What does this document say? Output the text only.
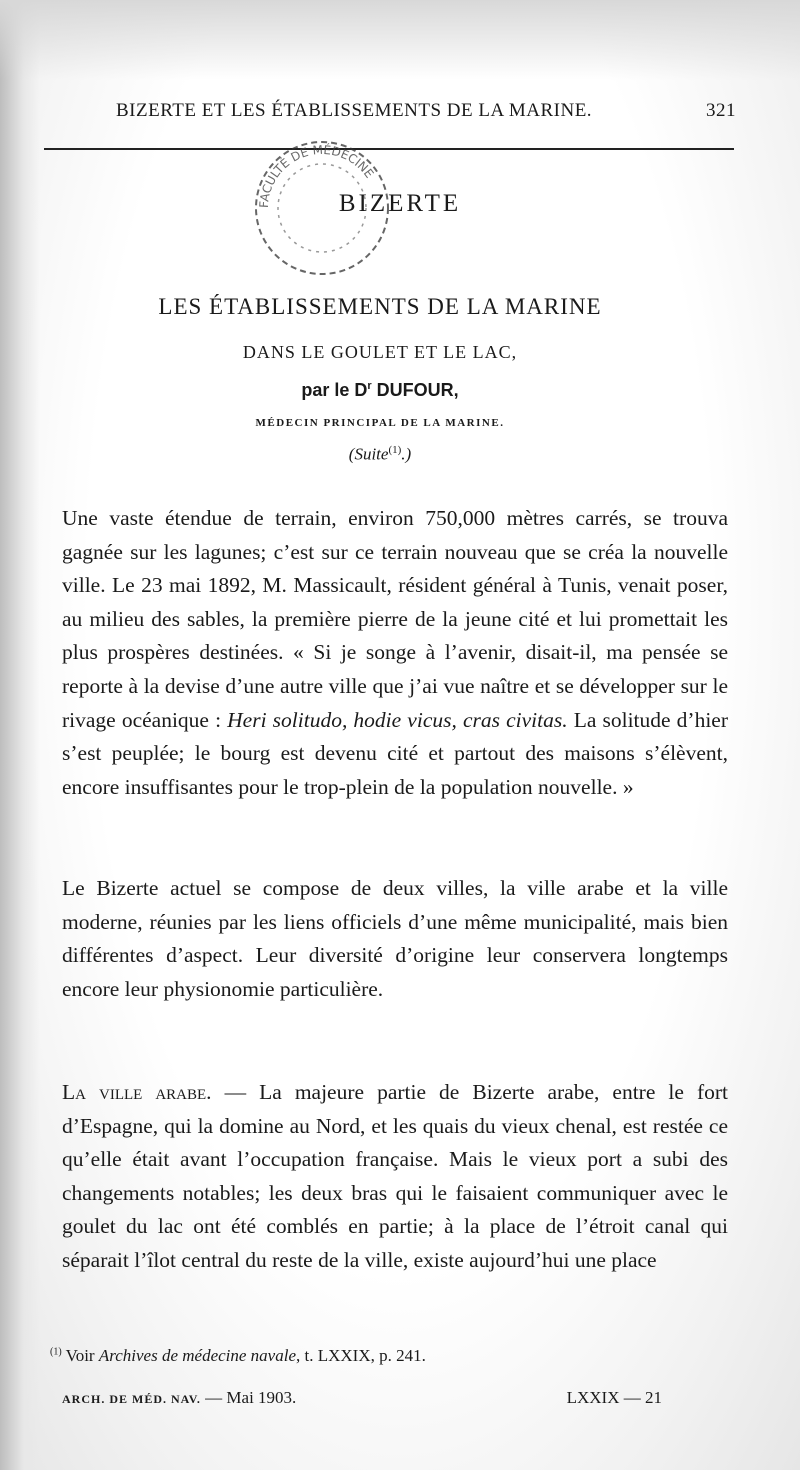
BIZERTE ET LES ÉTABLISSEMENTS DE LA MARINE.	321
FACULTÉ DE MÉDECINE
BIZERTE
LES ÉTABLISSEMENTS DE LA MARINE
DANS LE GOULET ET LE LAC,
par le $D^r$ DUFOUR,
MÉDECIN PRINCIPAL DE LA MARINE.
(Suite$^{(1)}$.)

Une vaste étendue de terrain, environ 750,000 mètres carrés, se trouva gagnée sur les lagunes; c’est sur ce terrain nouveau que se créa la nouvelle ville. Le 23 mai 1892, M. Massicault, résident général à Tunis, venait poser, au milieu des sables, la première pierre de la jeune cité et lui promettait les plus prospères destinées. « Si je songe à l’avenir, disait-il, ma pensée se reporte à la devise d’une autre ville que j’ai vue naître et se développer sur le rivage océanique : Heri solitudo, hodie vicus, cras civitas. La solitude d’hier s’est peuplée; le bourg est devenu cité et partout des maisons s’élèvent, encore insuffisantes pour le trop-plein de la population nouvelle. »

Le Bizerte actuel se compose de deux villes, la ville arabe et la ville moderne, réunies par les liens officiels d’une même municipalité, mais bien différentes d’aspect. Leur diversité d’origine leur conservera longtemps encore leur physionomie particulière.

La ville arabe. — La majeure partie de Bizerte arabe, entre le fort d’Espagne, qui la domine au Nord, et les quais du vieux chenal, est restée ce qu’elle était avant l’occupation française. Mais le vieux port a subi des changements notables; les deux bras qui le faisaient communiquer avec le goulet du lac ont été comblés en partie; à la place de l’étroit canal qui séparait l’îlot central du reste de la ville, existe aujourd’hui une place

$^{(1)}$ Voir Archives de médecine navale, t. LXXIX, p. 241.
ARCH. DE MÉD. NAV. — Mai 1903.	LXXIX — 21
